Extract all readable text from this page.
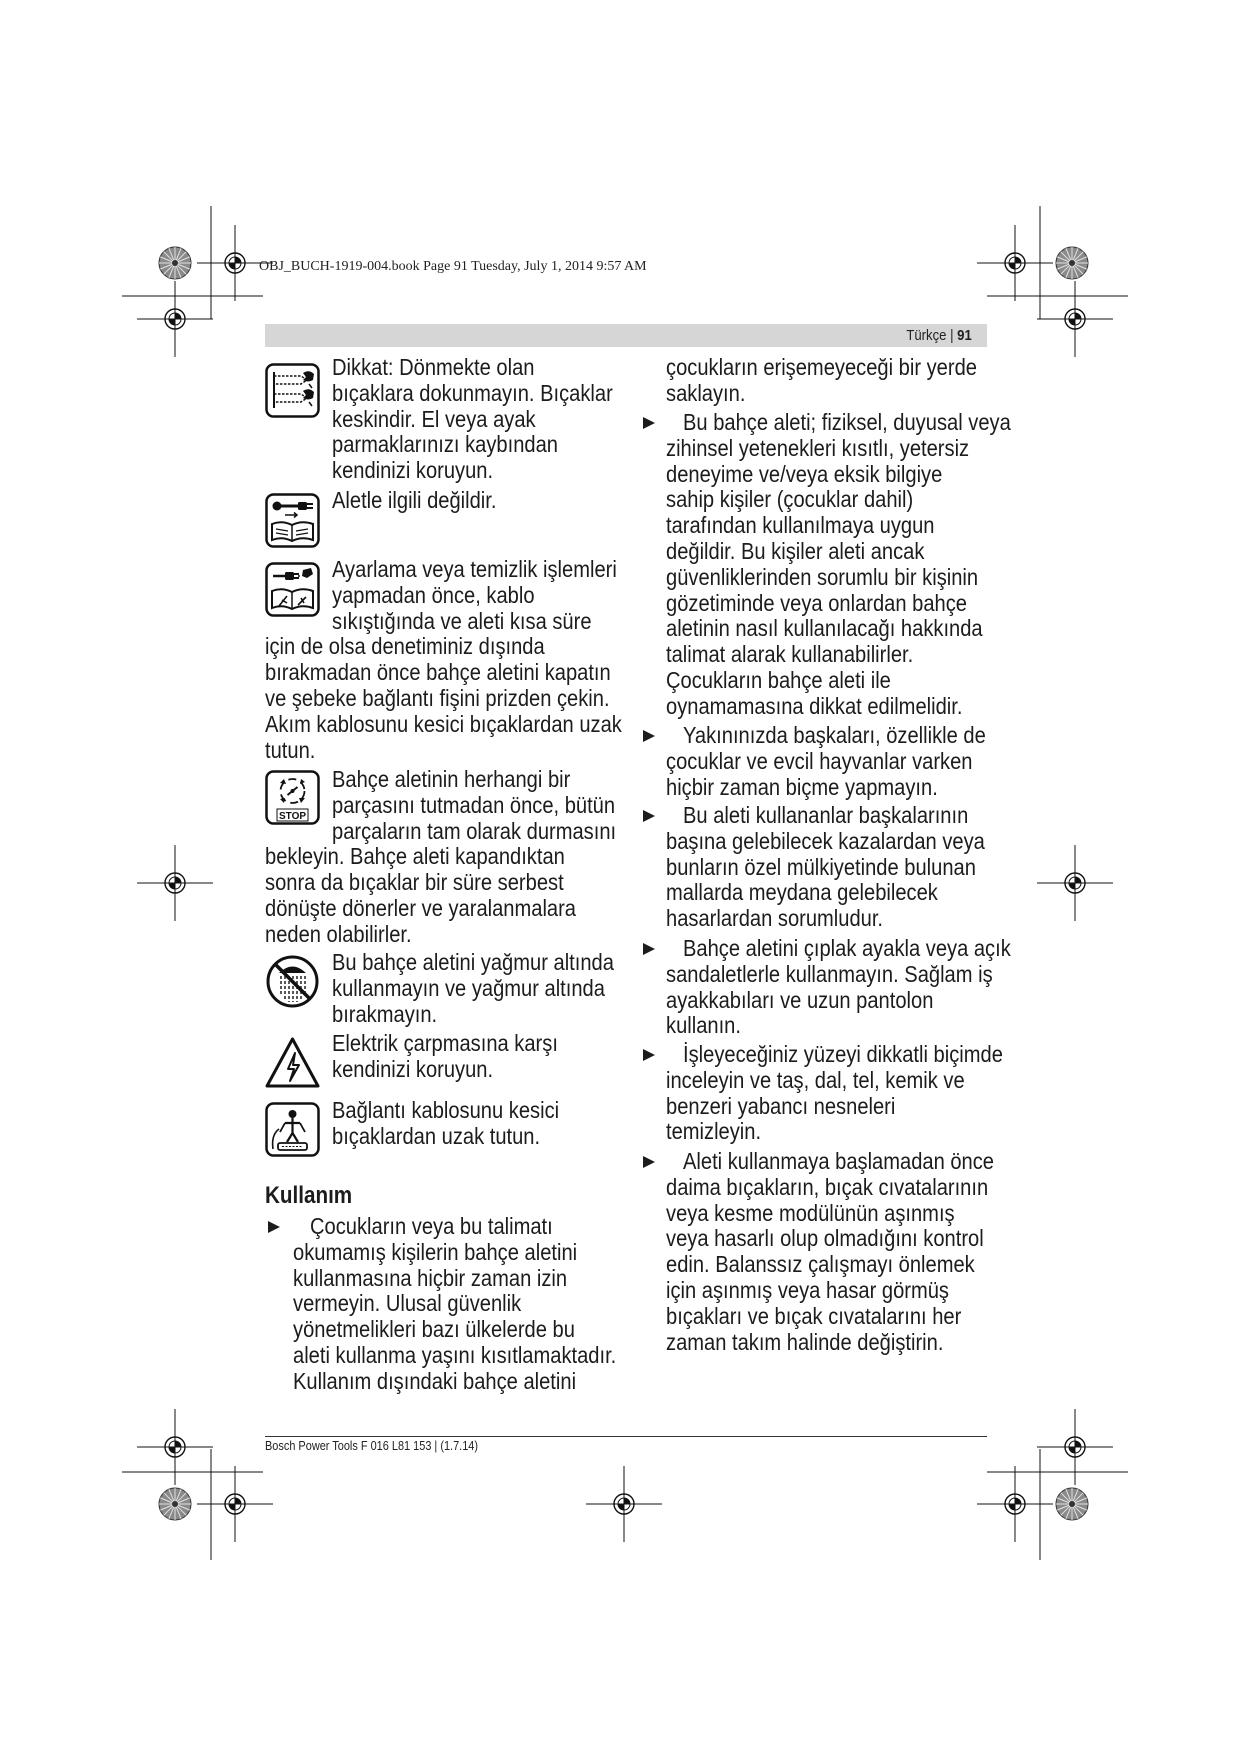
OBJ_BUCH-1919-004.book Page 91 Tuesday, July 1, 2014 9:57 AM
Türkçe | 91
Dikkat: Dönmekte olan
bıçaklara dokunmayın. Bıçaklar
keskindir. El veya ayak
parmaklarınızı kaybından
kendinizi koruyun.
Aletle ilgili değildir.
Ayarlama veya temizlik işlemleri
yapmadan önce, kablo
sıkıştığında ve aleti kısa süre
için de olsa denetiminiz dışında
bırakmadan önce bahçe aletini kapatın
ve şebeke bağlantı fişini prizden çekin.
Akım kablosunu kesici bıçaklardan uzak
tutun.
STOP
Bahçe aletinin herhangi bir
parçasını tutmadan önce, bütün
parçaların tam olarak durmasını
bekleyin. Bahçe aleti kapandıktan
sonra da bıçaklar bir süre serbest
dönüşte dönerler ve yaralanmalara
neden olabilirler.
Bu bahçe aletini yağmur altında
kullanmayın ve yağmur altında
bırakmayın.
Elektrik çarpmasına karşı
kendinizi koruyun.
Bağlantı kablosunu kesici
bıçaklardan uzak tutun.
Kullanım
Çocukların veya bu talimatı
okumamış kişilerin bahçe aletini
kullanmasına hiçbir zaman izin
vermeyin. Ulusal güvenlik
yönetmelikleri bazı ülkelerde bu
aleti kullanma yaşını kısıtlamaktadır.
Kullanım dışındaki bahçe aletini
çocukların erişemeyeceği bir yerde
saklayın.
Bu bahçe aleti; fiziksel, duyusal veya
zihinsel yetenekleri kısıtlı, yetersiz
deneyime ve/veya eksik bilgiye
sahip kişiler (çocuklar dahil)
tarafından kullanılmaya uygun
değildir. Bu kişiler aleti ancak
güvenliklerinden sorumlu bir kişinin
gözetiminde veya onlardan bahçe
aletinin nasıl kullanılacağı hakkında
talimat alarak kullanabilirler.
Çocukların bahçe aleti ile
oynamamasına dikkat edilmelidir.
Yakınınızda başkaları, özellikle de
çocuklar ve evcil hayvanlar varken
hiçbir zaman biçme yapmayın.
Bu aleti kullananlar başkalarının
başına gelebilecek kazalardan veya
bunların özel mülkiyetinde bulunan
mallarda meydana gelebilecek
hasarlardan sorumludur.
Bahçe aletini çıplak ayakla veya açık
sandaletlerle kullanmayın. Sağlam iş
ayakkabıları ve uzun pantolon
kullanın.
İşleyeceğiniz yüzeyi dikkatli biçimde
inceleyin ve taş, dal, tel, kemik ve
benzeri yabancı nesneleri
temizleyin.
Aleti kullanmaya başlamadan önce
daima bıçakların, bıçak cıvatalarının
veya kesme modülünün aşınmış
veya hasarlı olup olmadığını kontrol
edin. Balanssız çalışmayı önlemek
için aşınmış veya hasar görmüş
bıçakları ve bıçak cıvatalarını her
zaman takım halinde değiştirin.
Bosch Power Tools F 016 L81 153 | (1.7.14)
